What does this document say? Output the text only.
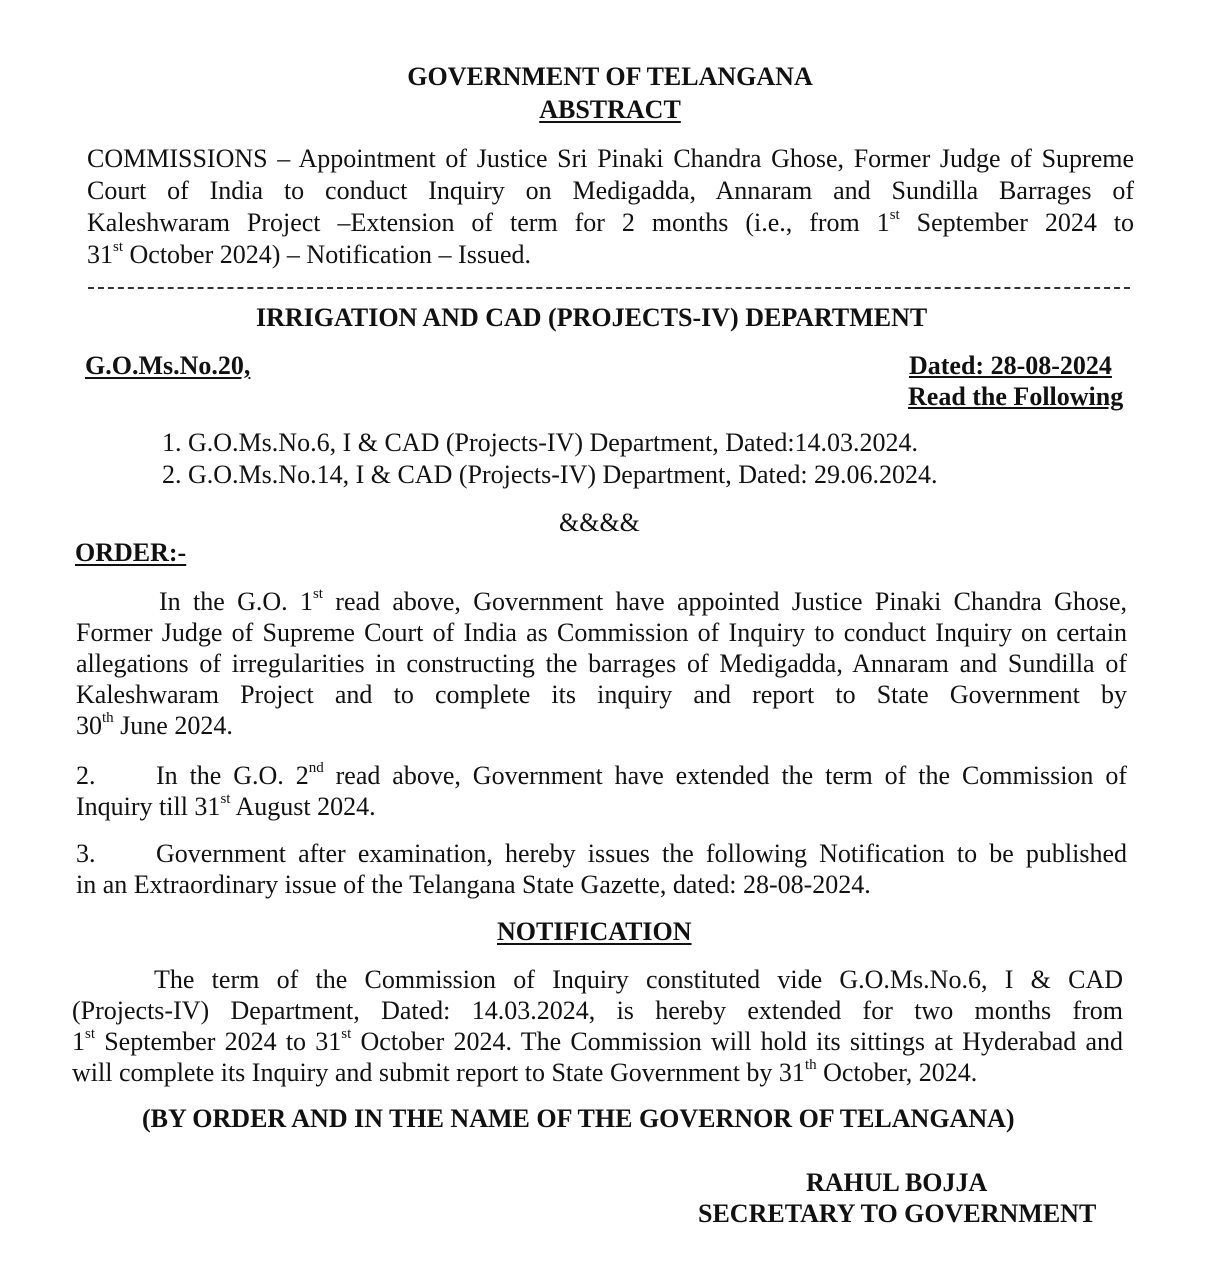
GOVERNMENT OF TELANGANA
ABSTRACT

COMMISSIONS – Appointment of Justice Sri Pinaki Chandra Ghose, Former Judge of Supreme

Court of India to conduct Inquiry on Medigadda, Annaram and Sundilla Barrages of

Kaleshwaram Project –Extension of term for 2 months (i.e., from 1st September 2024 to

31st October 2024) – Notification – Issued.

IRRIGATION AND CAD (PROJECTS-IV) DEPARTMENT
G.O.Ms.No.20,	Dated: 28-08-2024
Read the Following
1. G.O.Ms.No.6, I & CAD (Projects-IV) Department, Dated:14.03.2024.
2. G.O.Ms.No.14, I & CAD (Projects-IV) Department, Dated: 29.06.2024.
&&&&
ORDER:-

In the G.O. 1st read above, Government have appointed Justice Pinaki Chandra Ghose,

Former Judge of Supreme Court of India as Commission of Inquiry to conduct Inquiry on certain

allegations of irregularities in constructing the barrages of Medigadda, Annaram and Sundilla of

Kaleshwaram Project and to complete its inquiry and report to State Government by

30th June 2024.

2. In the G.O. 2nd read above, Government have extended the term of the Commission of

Inquiry till 31st August 2024.

3. Government after examination, hereby issues the following Notification to be published

in an Extraordinary issue of the Telangana State Gazette, dated: 28-08-2024.

NOTIFICATION

The term of the Commission of Inquiry constituted vide G.O.Ms.No.6, I & CAD

(Projects-IV) Department, Dated: 14.03.2024, is hereby extended for two months from

1st September 2024 to 31st October 2024. The Commission will hold its sittings at Hyderabad and

will complete its Inquiry and submit report to State Government by 31th October, 2024.

(BY ORDER AND IN THE NAME OF THE GOVERNOR OF TELANGANA)
RAHUL BOJJA
SECRETARY TO GOVERNMENT
